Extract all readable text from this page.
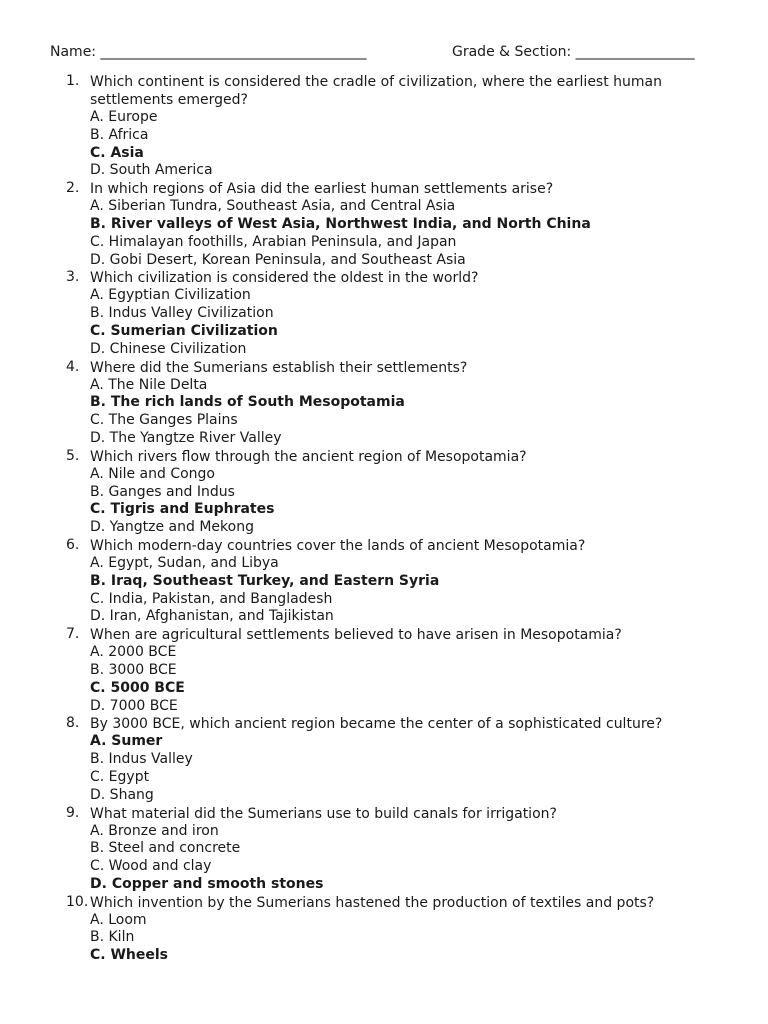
Name: ______________________________________	Grade & Section: _________________
1. Which continent is considered the cradle of civilization, where the earliest human settlements emerged?
A. Europe
B. Africa
C. Asia
D. South America
2. In which regions of Asia did the earliest human settlements arise?
A. Siberian Tundra, Southeast Asia, and Central Asia
B. River valleys of West Asia, Northwest India, and North China
C. Himalayan foothills, Arabian Peninsula, and Japan
D. Gobi Desert, Korean Peninsula, and Southeast Asia
3. Which civilization is considered the oldest in the world?
A. Egyptian Civilization
B. Indus Valley Civilization
C. Sumerian Civilization
D. Chinese Civilization
4. Where did the Sumerians establish their settlements?
A. The Nile Delta
B. The rich lands of South Mesopotamia
C. The Ganges Plains
D. The Yangtze River Valley
5. Which rivers flow through the ancient region of Mesopotamia?
A. Nile and Congo
B. Ganges and Indus
C. Tigris and Euphrates
D. Yangtze and Mekong
6. Which modern-day countries cover the lands of ancient Mesopotamia?
A. Egypt, Sudan, and Libya
B. Iraq, Southeast Turkey, and Eastern Syria
C. India, Pakistan, and Bangladesh
D. Iran, Afghanistan, and Tajikistan
7. When are agricultural settlements believed to have arisen in Mesopotamia?
A. 2000 BCE
B. 3000 BCE
C. 5000 BCE
D. 7000 BCE
8. By 3000 BCE, which ancient region became the center of a sophisticated culture?
A. Sumer
B. Indus Valley
C. Egypt
D. Shang
9. What material did the Sumerians use to build canals for irrigation?
A. Bronze and iron
B. Steel and concrete
C. Wood and clay
D. Copper and smooth stones
10. Which invention by the Sumerians hastened the production of textiles and pots?
A. Loom
B. Kiln
C. Wheels
